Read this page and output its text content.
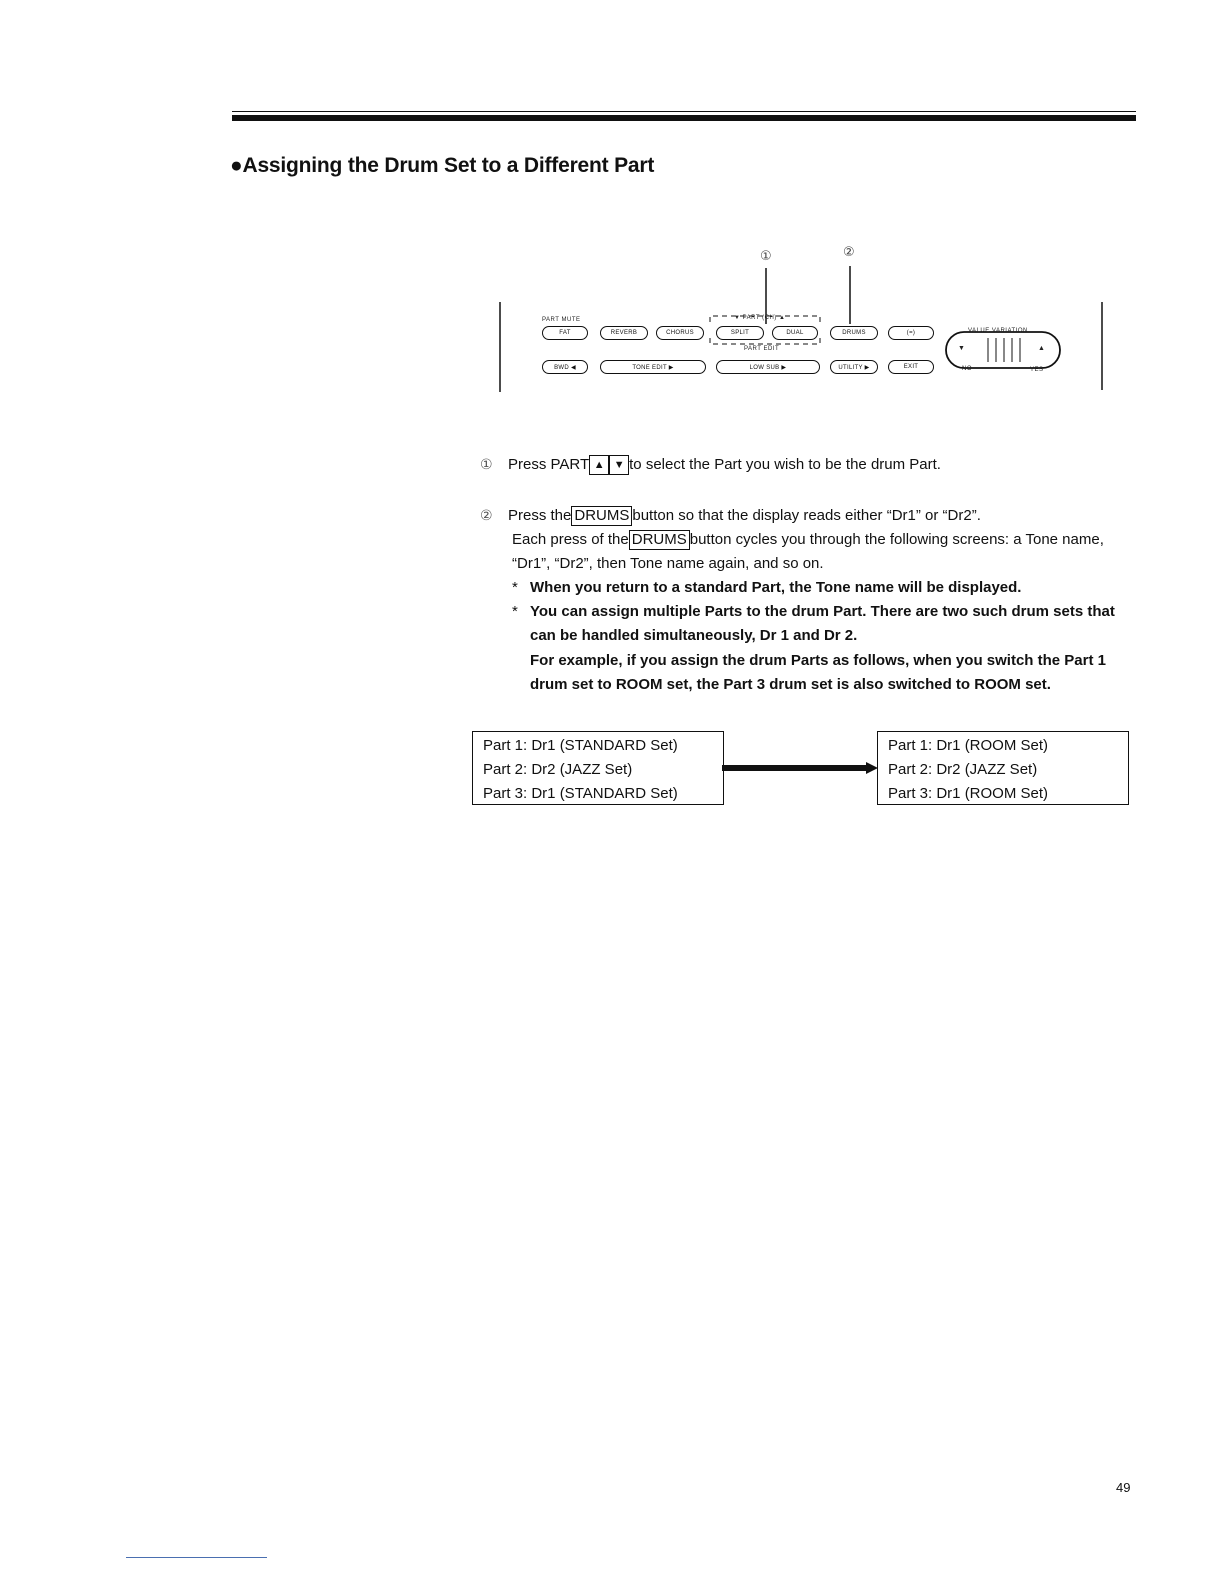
●Assigning the Drum Set to a Different Part
①	②
PART MUTE	▼ PART (CH) ▲
PART EDIT
VALUE VARIATION
NO	YES
FAT	REVERB	CHORUS	SPLIT	DUAL	DRUMS	(=)
BWD ◀	TONE EDIT ▶	LOW SUB ▶	UTILITY ▶	EXIT
▼	▲
① Press PART ▲ ▼ to select the Part you wish to be the drum Part.
② Press the DRUMS button so that the display reads either “Dr1” or “Dr2”.
Each press of the DRUMS button cycles you through the following screens: a Tone name,
“Dr1”, “Dr2”, then Tone name again, and so on.
* When you return to a standard Part, the Tone name will be displayed.
* You can assign multiple Parts to the drum Part. There are two such drum sets that
can be handled simultaneously, Dr 1 and Dr 2.
For example, if you assign the drum Parts as follows, when you switch the Part 1
drum set to ROOM set, the Part 3 drum set is also switched to ROOM set.
Part 1: Dr1 (STANDARD Set)
Part 2: Dr2 (JAZZ Set)
Part 3: Dr1 (STANDARD Set)
Part 1: Dr1 (ROOM Set)
Part 2: Dr2 (JAZZ Set)
Part 3: Dr1 (ROOM Set)
49
